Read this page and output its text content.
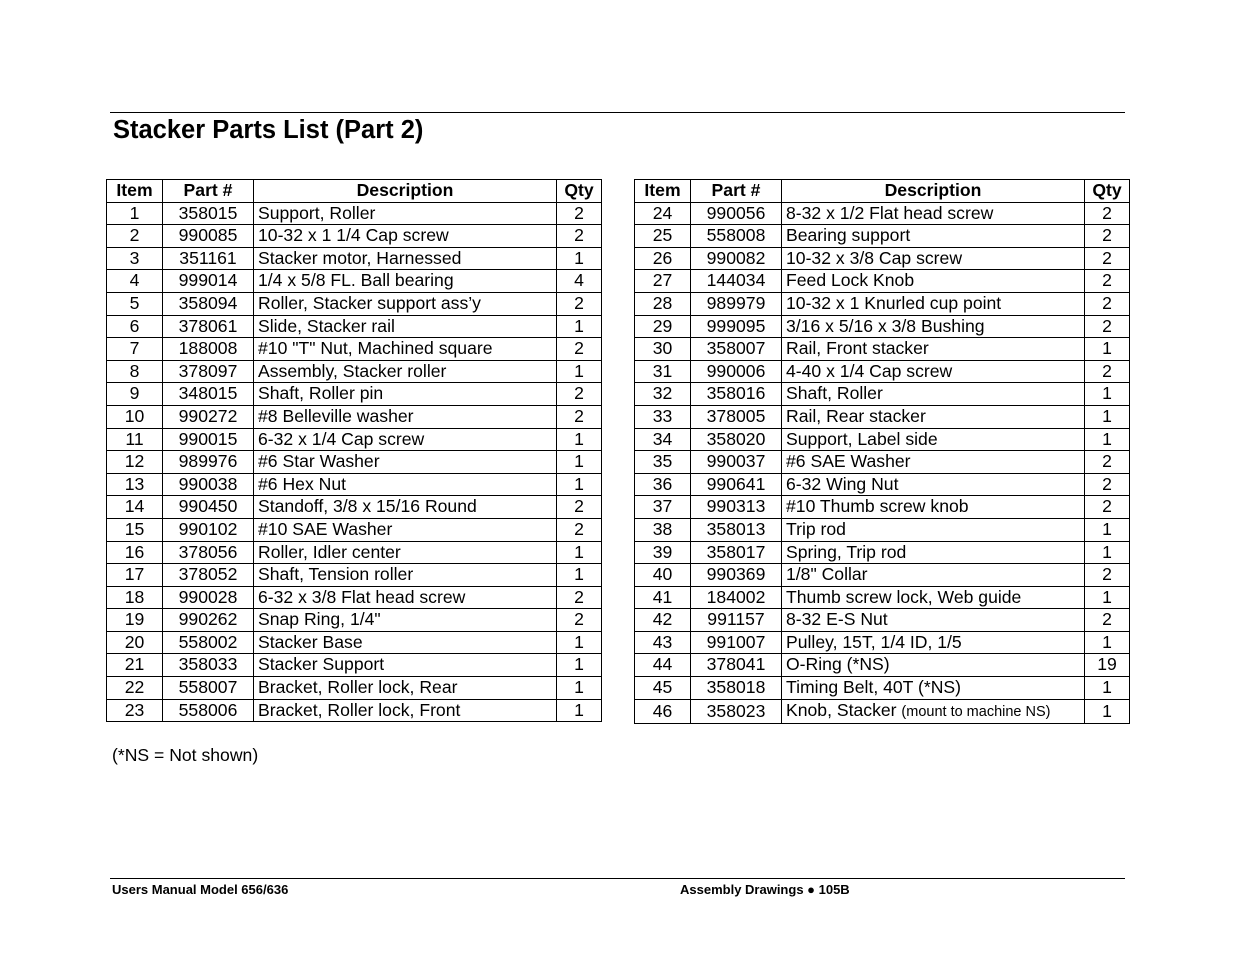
Stacker Parts List (Part 2)
Item	Part #	Description	Qty
1	358015	Support, Roller	2
2	990085	10-32 x 1 1/4 Cap screw	2
3	351161	Stacker motor, Harnessed	1
4	999014	1/4 x 5/8 FL. Ball bearing	4
5	358094	Roller, Stacker support ass’y	2
6	378061	Slide, Stacker rail	1
7	188008	#10 "T" Nut, Machined square	2
8	378097	Assembly, Stacker roller	1
9	348015	Shaft, Roller pin	2
10	990272	#8 Belleville washer	2
11	990015	6-32 x 1/4 Cap screw	1
12	989976	#6 Star Washer	1
13	990038	#6 Hex Nut	1
14	990450	Standoff, 3/8 x 15/16 Round	2
15	990102	#10 SAE Washer	2
16	378056	Roller, Idler center	1
17	378052	Shaft, Tension roller	1
18	990028	6-32 x 3/8 Flat head screw	2
19	990262	Snap Ring, 1/4"	2
20	558002	Stacker Base	1
21	358033	Stacker Support	1
22	558007	Bracket, Roller lock, Rear	1
23	558006	Bracket, Roller lock, Front	1
Item	Part #	Description	Qty
24	990056	8-32 x 1/2 Flat head screw	2
25	558008	Bearing support	2
26	990082	10-32 x 3/8 Cap screw	2
27	144034	Feed Lock Knob	2
28	989979	10-32 x 1 Knurled cup point	2
29	999095	3/16 x 5/16 x 3/8 Bushing	2
30	358007	Rail, Front stacker	1
31	990006	4-40 x 1/4 Cap screw	2
32	358016	Shaft, Roller	1
33	378005	Rail, Rear stacker	1
34	358020	Support, Label side	1
35	990037	#6 SAE Washer	2
36	990641	6-32 Wing Nut	2
37	990313	#10 Thumb screw knob	2
38	358013	Trip rod	1
39	358017	Spring, Trip rod	1
40	990369	1/8" Collar	2
41	184002	Thumb screw lock, Web guide	1
42	991157	8-32 E-S Nut	2
43	991007	Pulley, 15T, 1/4 ID, 1/5	1
44	378041	O-Ring (*NS)	19
45	358018	Timing Belt, 40T (*NS)	1
46	358023	Knob, Stacker (mount to machine NS)	1
(*NS = Not shown)
Users Manual Model 656/636	Assembly Drawings ● 105B
